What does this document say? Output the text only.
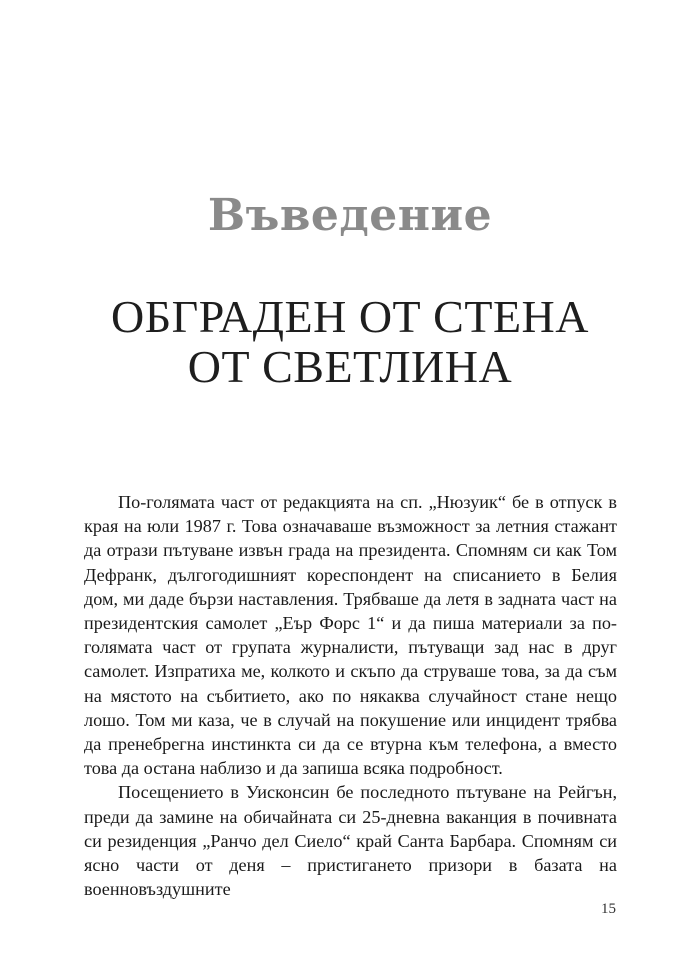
Въведение
ОБГРАДЕН ОТ СТЕНА
ОТ СВЕТЛИНА

По-голямата част от редакцията на сп. „Нюзуик“ бе в отпуск в края на юли 1987 г. Това означаваше възможност за летния стажант да отрази пътуване извън града на президента. Спомням си как Том Дефранк, дългогодишният кореспондент на списанието в Белия дом, ми даде бързи наставления. Трябваше да летя в задната част на президентския самолет „Еър Форс 1“ и да пиша материали за по-голямата част от групата журналисти, пътуващи зад нас в друг самолет. Изпратиха ме, колкото и скъпо да струваше това, за да съм на мястото на събитието, ако по някаква случайност стане нещо лошо. Том ми каза, че в случай на покушение или инцидент трябва да пренебрегна инстинкта си да се втурна към телефона, а вместо това да остана наблизо и да запиша всяка подробност.

Посещението в Уисконсин бе последното пътуване на Рейгън, преди да замине на обичайната си 25-дневна ваканция в почивната си резиденция „Ранчо дел Сиело“ край Санта Барбара. Спомням си ясно части от деня – пристигането призори в базата на военновъздушните

15
